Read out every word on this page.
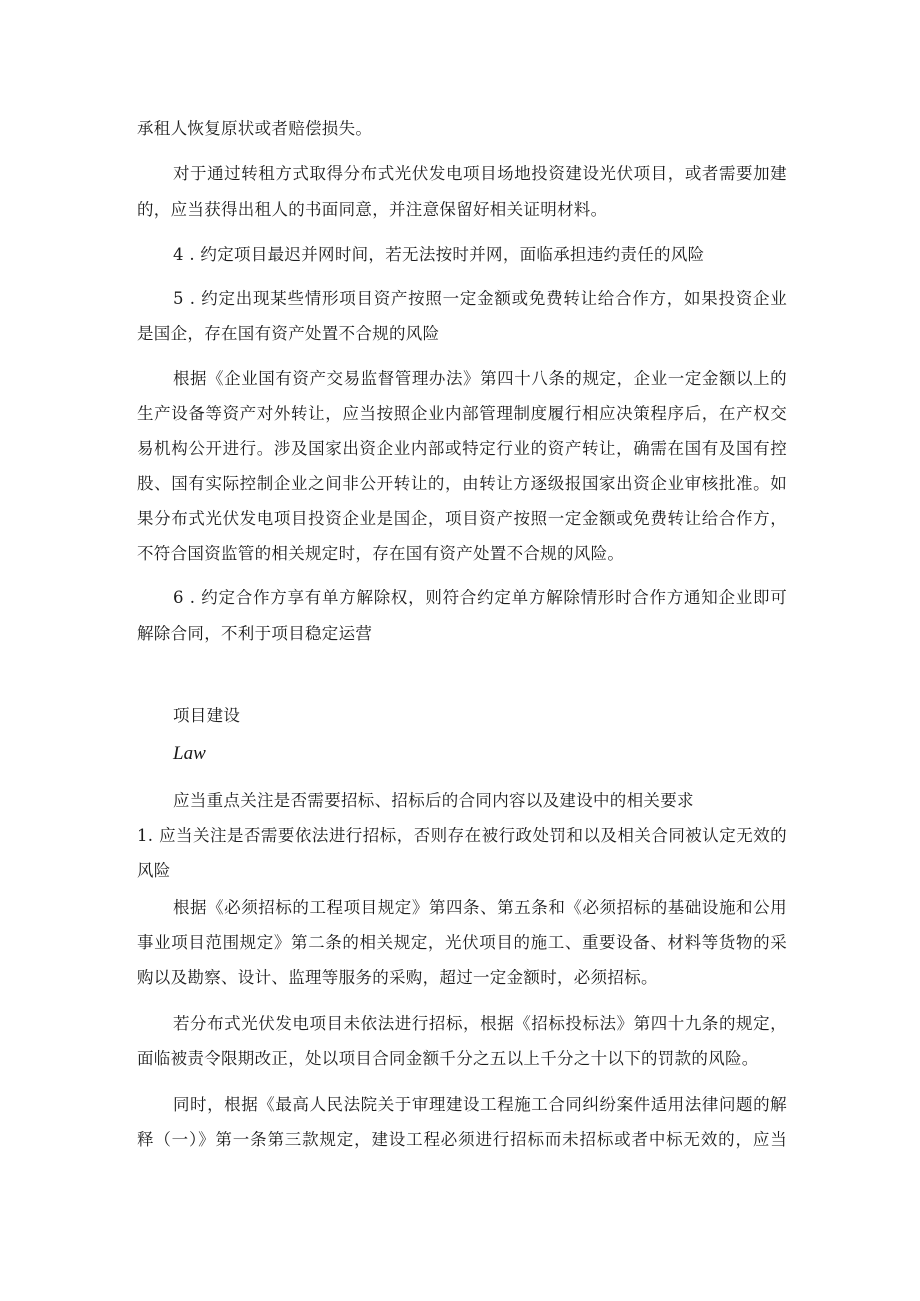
承租人恢复原状或者赔偿损失。
对于通过转租方式取得分布式光伏发电项目场地投资建设光伏项目，或者需要加建
的，应当获得出租人的书面同意，并注意保留好相关证明材料。
4 . 约定项目最迟并网时间，若无法按时并网，面临承担违约责任的风险
5 . 约定出现某些情形项目资产按照一定金额或免费转让给合作方，如果投资企业
是国企，存在国有资产处置不合规的风险
根据《企业国有资产交易监督管理办法》第四十八条的规定，企业一定金额以上的
生产设备等资产对外转让，应当按照企业内部管理制度履行相应决策程序后，在产权交
易机构公开进行。涉及国家出资企业内部或特定行业的资产转让，确需在国有及国有控
股、国有实际控制企业之间非公开转让的，由转让方逐级报国家出资企业审核批准。如
果分布式光伏发电项目投资企业是国企，项目资产按照一定金额或免费转让给合作方，
不符合国资监管的相关规定时，存在国有资产处置不合规的风险。
6 . 约定合作方享有单方解除权，则符合约定单方解除情形时合作方通知企业即可
解除合同，不利于项目稳定运营
项目建设
Law
应当重点关注是否需要招标、招标后的合同内容以及建设中的相关要求
1. 应当关注是否需要依法进行招标，否则存在被行政处罚和以及相关合同被认定无效的
风险
根据《必须招标的工程项目规定》第四条、第五条和《必须招标的基础设施和公用
事业项目范围规定》第二条的相关规定，光伏项目的施工、重要设备、材料等货物的采
购以及勘察、设计、监理等服务的采购，超过一定金额时，必须招标。
若分布式光伏发电项目未依法进行招标，根据《招标投标法》第四十九条的规定，
面临被责令限期改正，处以项目合同金额千分之五以上千分之十以下的罚款的风险。
同时，根据《最高人民法院关于审理建设工程施工合同纠纷案件适用法律问题的解
释（一）》第一条第三款规定，建设工程必须进行招标而未招标或者中标无效的，应当
